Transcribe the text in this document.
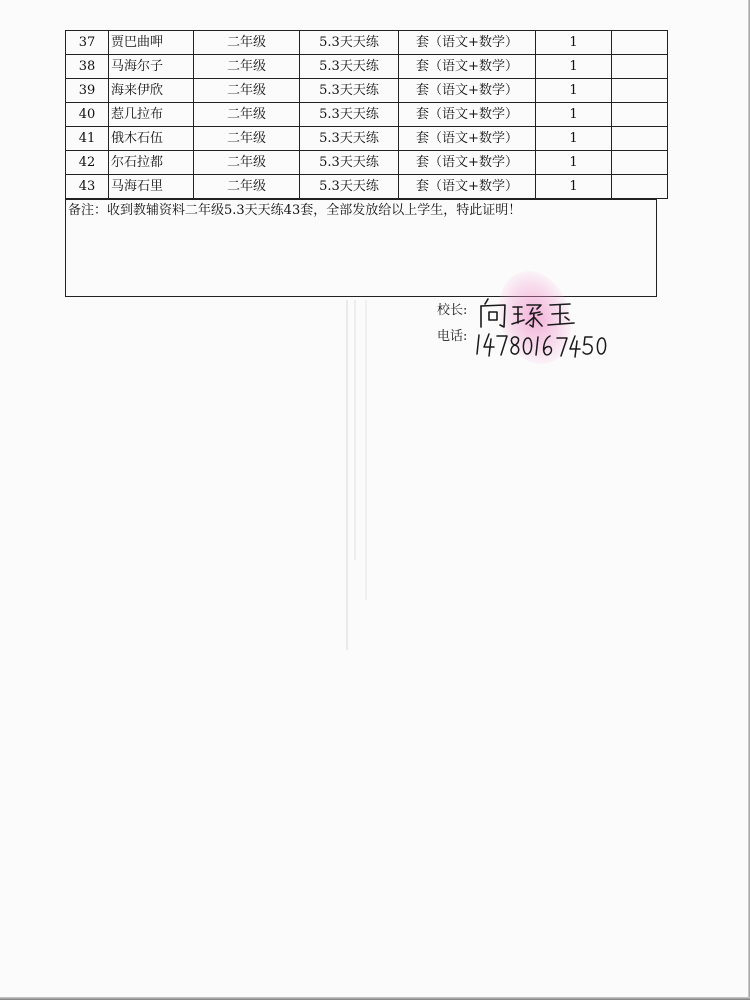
37	贾巴曲呷	二年级	5.3天天练	套（语文+数学）	1	
38	马海尔子	二年级	5.3天天练	套（语文+数学）	1	
39	海来伊欣	二年级	5.3天天练	套（语文+数学）	1	
40	惹几拉布	二年级	5.3天天练	套（语文+数学）	1	
41	俄木石伍	二年级	5.3天天练	套（语文+数学）	1	
42	尔石拉都	二年级	5.3天天练	套（语文+数学）	1	
43	马海石里	二年级	5.3天天练	套（语文+数学）	1	
备注：收到教辅资料二年级5.3天天练43套，全部发放给以上学生，特此证明！
校长:
电话:
